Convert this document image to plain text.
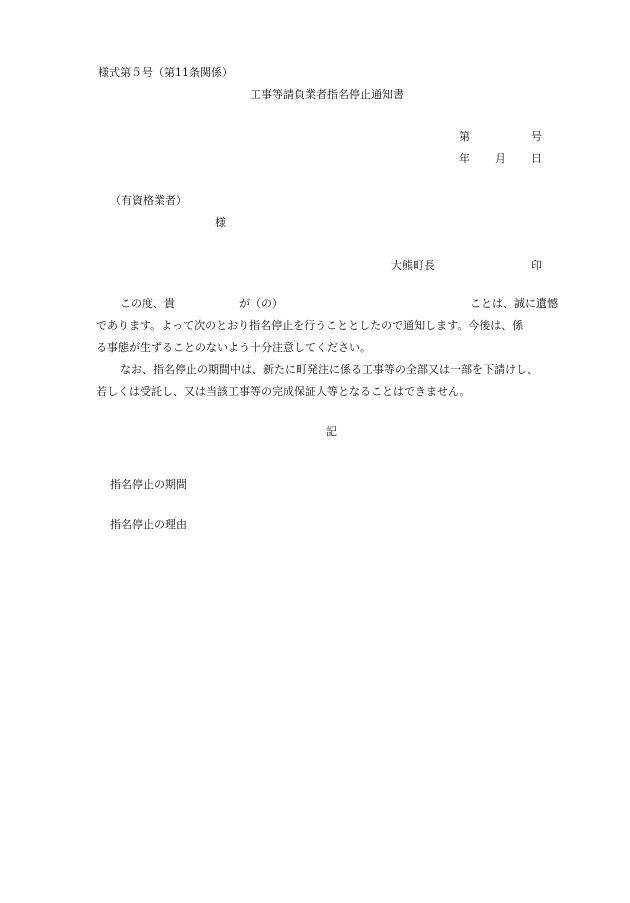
様式第５号（第11条関係）
工事等請負業者指名停止通知書
第	号
年 月 日
（有資格業者）
様
大熊町長	印

この度、貴	が（の）	ことは、誠に遺憾

であります。よって次のとおり指名停止を行うこととしたので通知します。今後は、係

る事態が生ずることのないよう十分注意してください。

なお、指名停止の期間中は、新たに町発注に係る工事等の全部又は一部を下請けし、

若しくは受託し、又は当該工事等の完成保証人等となることはできません。

記
指名停止の期間
指名停止の理由
